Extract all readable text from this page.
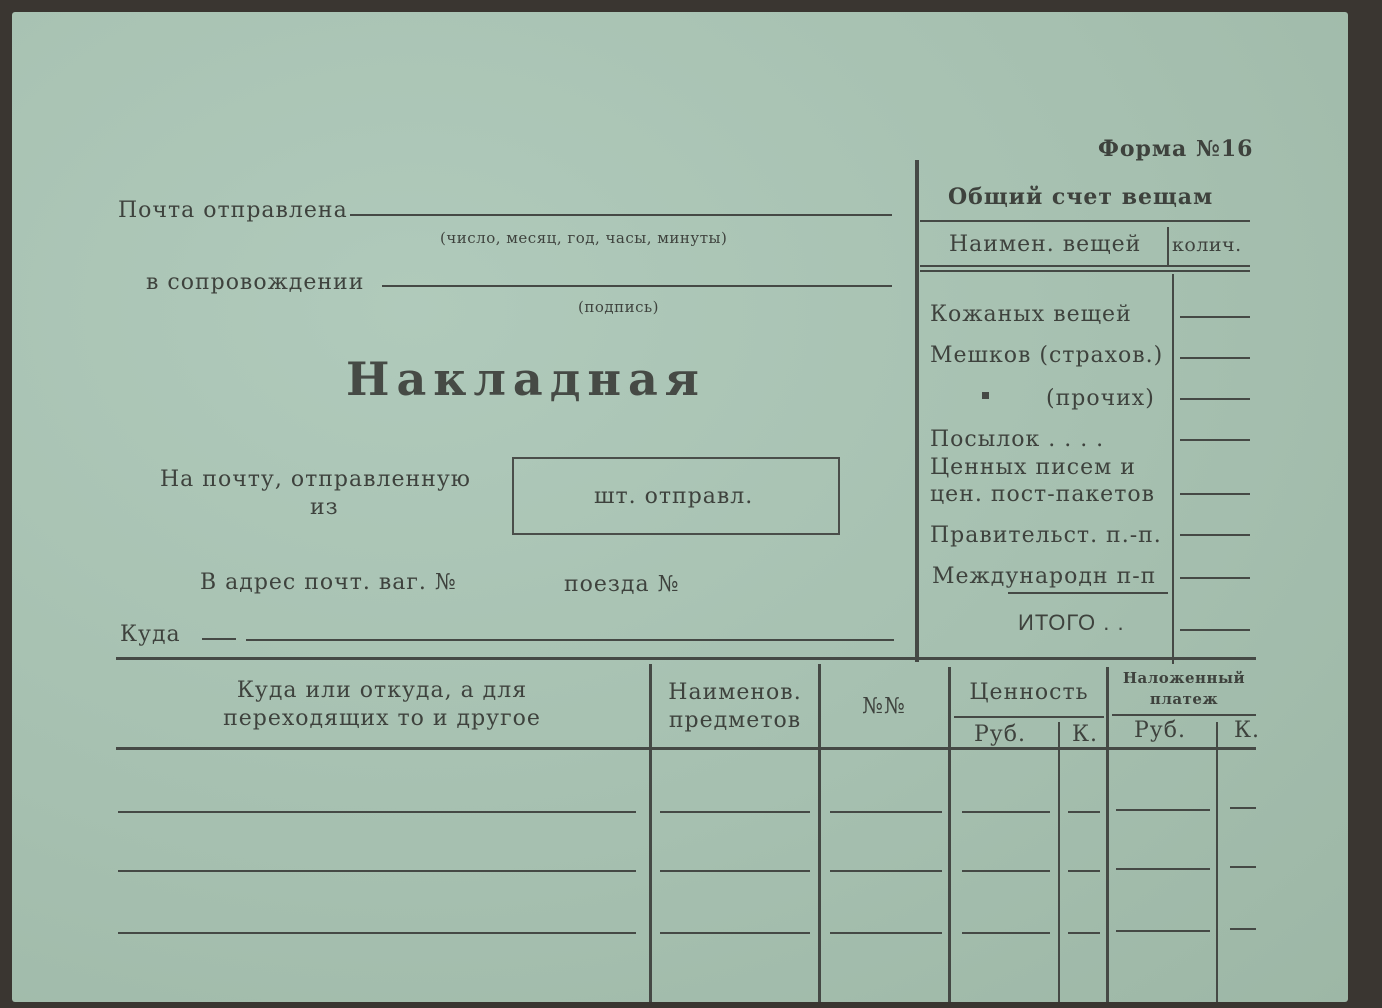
Форма №16
Почта отправлена
(число, месяц, год, часы, минуты)
в сопровождении
(подпись)
Накладная
На почту, отправленную
из	шт. отправл.
В адрес почт. ваг. №	поезда №
Куда
Общий счет вещам
Наимен. вещей колич.
Кожаных вещей
Мешков (страхов.)
(прочих)
Посылок . . . .
Ценных писем и
цен. пост-пакетов
Правительст. п.-п.
Международн п-п
ИТОГО . .
Куда или откуда, а для
переходящих то и другое
Наименов.
предметов
№№
Ценность
Руб. К.
Наложенный
платеж
Руб. К.
